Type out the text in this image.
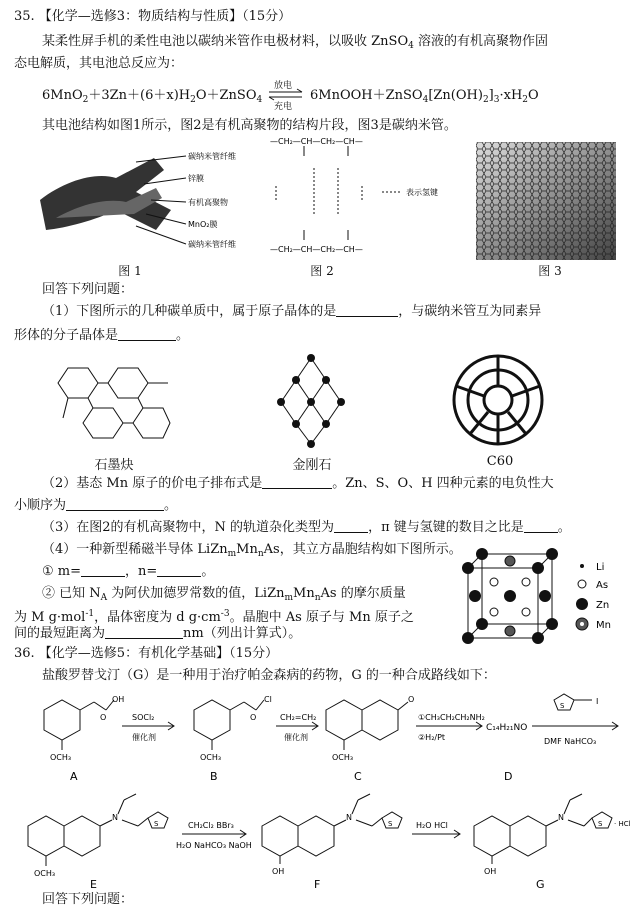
35. 【化学—选修3：物质结构与性质】（15分）
某柔性屏手机的柔性电池以碳纳米管作电极材料，以吸收 ZnSO$_4$ 溶液的有机高聚物作固
态电解质，其电池总反应为：
$6MnO_2+3Zn+(6+x)H_2O+ZnSO_4$
放电
充电
⇌ $6MnOOH+ZnSO_4[Zn(OH)_2]_3\cdot xH_2O$
其电池结构如图1所示，图2是有机高聚物的结构片段，图3是碳纳米管。
碳纳米管纤维
锌膜
有机高聚物
MnO₂膜
碳纳米管纤维
图 1
—CH₂—CH—CH₂—CH—
—CH₂—CH—CH₂—CH—
表示氢键
图 2	图 3
回答下列问题：
（1）下图所示的几种碳单质中，属于原子晶体的是	，与碳纳米管互为同素异
形体的分子晶体是	。
石墨炔	金刚石	C60
（2）基态 Mn 原子的价电子排布式是	。Zn、S、O、H 四种元素的电负性大
小顺序为	。
（3）在图2的有机高聚物中，N 的轨道杂化类型为	，π 键与氢键的数目之比是	。
（4）一种新型稀磁半导体 $LiZn_mMn_nAs$，其立方晶胞结构如下图所示。
① m=	，n=	。
② 已知 $N_A$ 为阿伏加德罗常数的值，$LiZn_mMn_nAs$ 的摩尔质量
为 M g·mol$^{-1}$，晶体密度为 d $g\cdot cm^{-3}$。晶胞中 As 原子与 Mn 原子之
间的最短距离为	nm（列出计算式）。
Li
As
Zn
Mn
36. 【化学—选修5：有机化学基础】（15分）
盐酸罗替戈汀（G）是一种用于治疗帕金森病的药物，G 的一种合成路线如下：
OH
O
OCH₃
SOCl₂
催化剂
Cl
O
OCH₃
CH₂=CH₂
催化剂
O
OCH₃
①CH₃CH₂CH₂NH₂
②H₂/Pt
C₁₄H₂₁NO
S	I
DMF NaHCO₃
A	B	C	D
N
S
OCH₃
CH₂Cl₂ BBr₃
H₂O NaHCO₃ NaOH
N
S
OH
H₂O HCl
N
S · HCl
OH
E	F	G
回答下列问题：
